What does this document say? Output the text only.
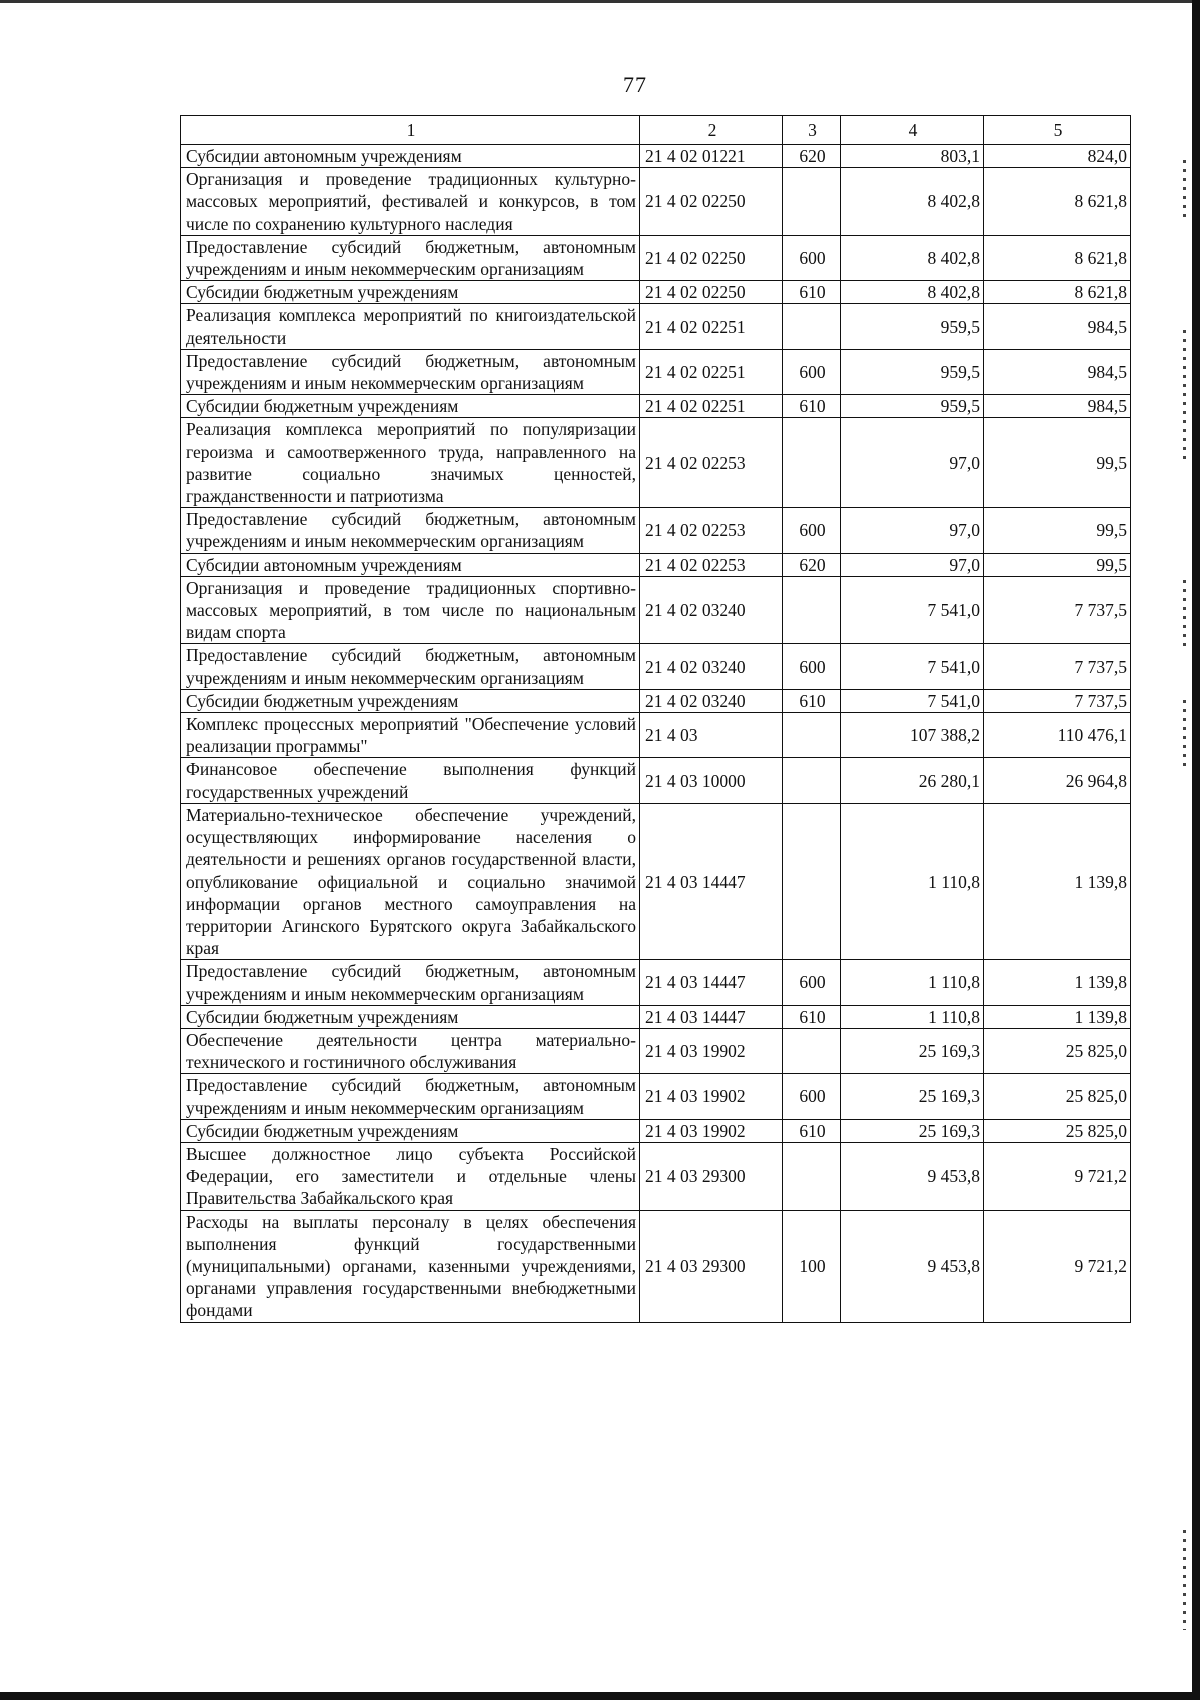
77
1	2	3	4	5
Субсидии автономным учреждениям	21 4 02 01221	620	803,1	824,0
Организация и проведение традиционных культурно-массовых мероприятий, фестивалей и конкурсов, в том числе по сохранению культурного наследия	21 4 02 02250		8 402,8	8 621,8
Предоставление субсидий бюджетным, автономным учреждениям и иным некоммерческим организациям	21 4 02 02250	600	8 402,8	8 621,8
Субсидии бюджетным учреждениям	21 4 02 02250	610	8 402,8	8 621,8
Реализация комплекса мероприятий по книгоиздательской деятельности	21 4 02 02251		959,5	984,5
Предоставление субсидий бюджетным, автономным учреждениям и иным некоммерческим организациям	21 4 02 02251	600	959,5	984,5
Субсидии бюджетным учреждениям	21 4 02 02251	610	959,5	984,5
Реализация комплекса мероприятий по популяризации героизма и самоотверженного труда, направленного на развитие социально значимых ценностей, гражданственности и патриотизма	21 4 02 02253		97,0	99,5
Предоставление субсидий бюджетным, автономным учреждениям и иным некоммерческим организациям	21 4 02 02253	600	97,0	99,5
Субсидии автономным учреждениям	21 4 02 02253	620	97,0	99,5
Организация и проведение традиционных спортивно-массовых мероприятий, в том числе по национальным видам спорта	21 4 02 03240		7 541,0	7 737,5
Предоставление субсидий бюджетным, автономным учреждениям и иным некоммерческим организациям	21 4 02 03240	600	7 541,0	7 737,5
Субсидии бюджетным учреждениям	21 4 02 03240	610	7 541,0	7 737,5
Комплекс процессных мероприятий "Обеспечение условий реализации программы"	21 4 03		107 388,2	110 476,1
Финансовое обеспечение выполнения функций государственных учреждений	21 4 03 10000		26 280,1	26 964,8
Материально-техническое обеспечение учреждений, осуществляющих информирование населения о деятельности и решениях органов государственной власти, опубликование официальной и социально значимой информации органов местного самоуправления на территории Агинского Бурятского округа Забайкальского края	21 4 03 14447		1 110,8	1 139,8
Предоставление субсидий бюджетным, автономным учреждениям и иным некоммерческим организациям	21 4 03 14447	600	1 110,8	1 139,8
Субсидии бюджетным учреждениям	21 4 03 14447	610	1 110,8	1 139,8
Обеспечение деятельности центра материально-технического и гостиничного обслуживания	21 4 03 19902		25 169,3	25 825,0
Предоставление субсидий бюджетным, автономным учреждениям и иным некоммерческим организациям	21 4 03 19902	600	25 169,3	25 825,0
Субсидии бюджетным учреждениям	21 4 03 19902	610	25 169,3	25 825,0
Высшее должностное лицо субъекта Российской Федерации, его заместители и отдельные члены Правительства Забайкальского края	21 4 03 29300		9 453,8	9 721,2
Расходы на выплаты персоналу в целях обеспечения выполнения функций государственными (муниципальными) органами, казенными учреждениями, органами управления государственными внебюджетными фондами	21 4 03 29300	100	9 453,8	9 721,2
